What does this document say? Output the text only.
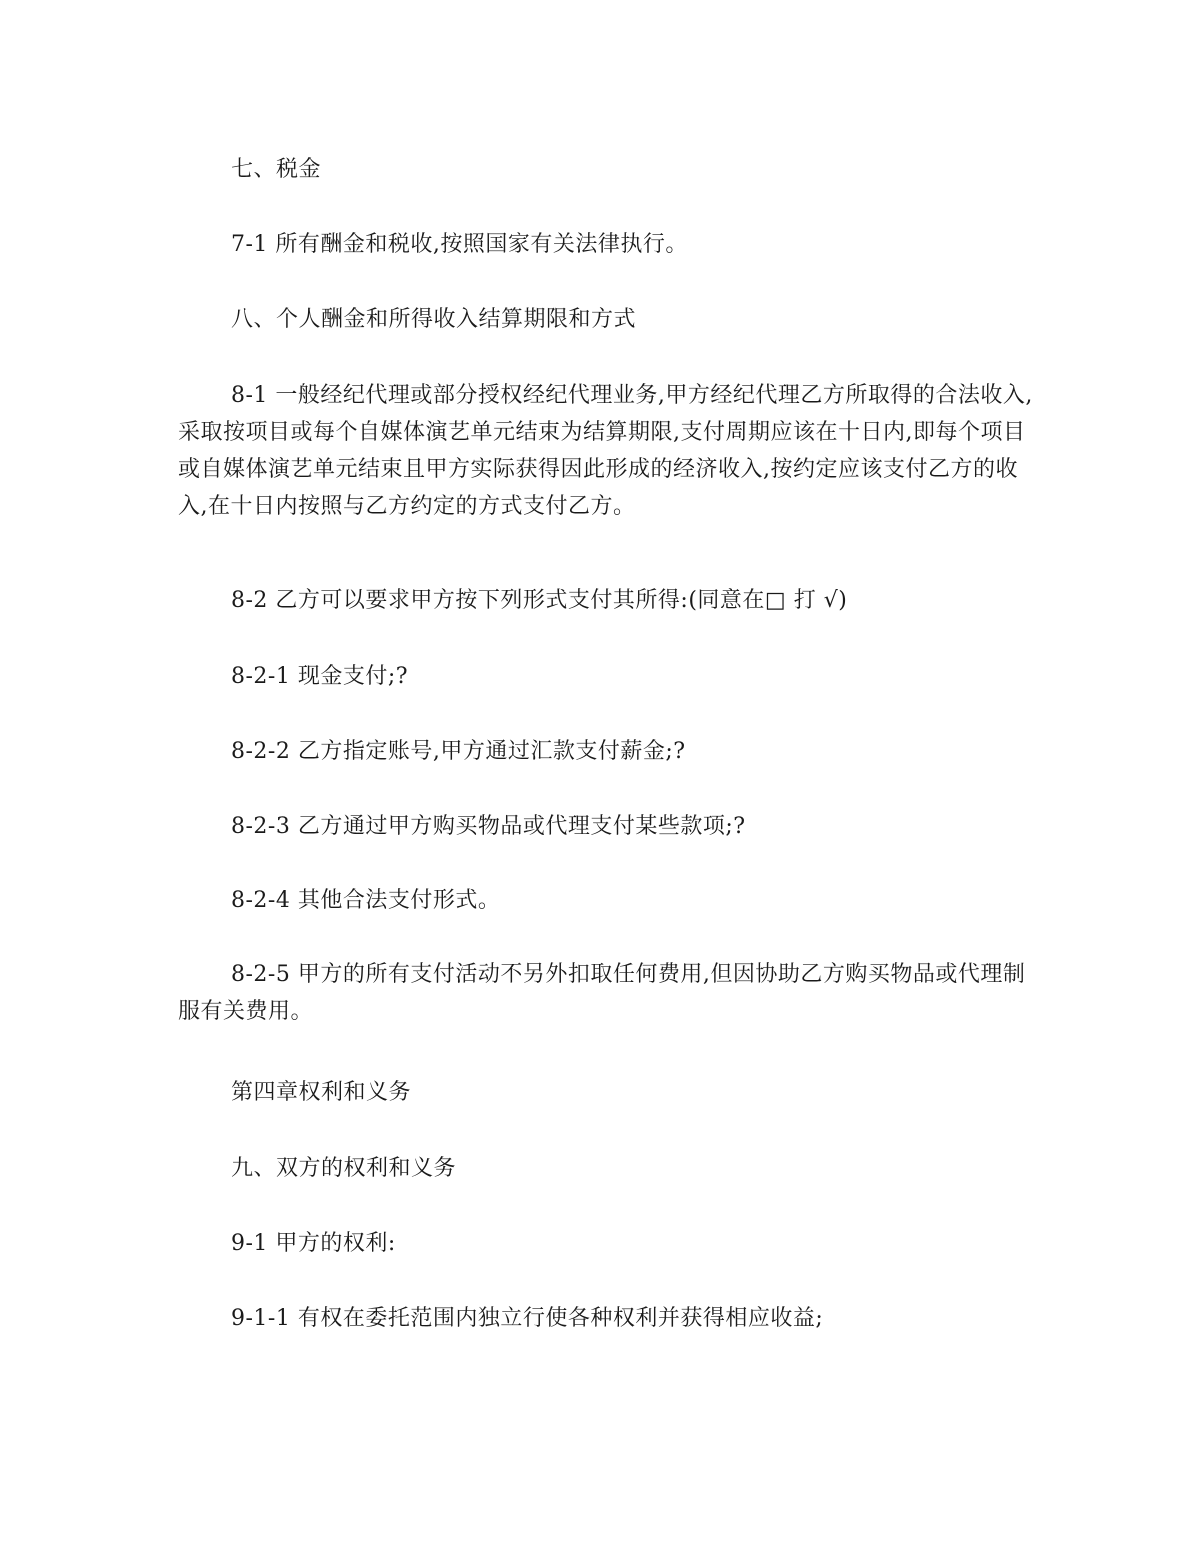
七、税金

7-1 所有酬金和税收,按照国家有关法律执行。

八、个人酬金和所得收入结算期限和方式

8-1 一般经纪代理或部分授权经纪代理业务,甲方经纪代理乙方所取得的合法收入,采取按项目或每个自媒体演艺单元结束为结算期限,支付周期应该在十日内,即每个项目或自媒体演艺单元结束且甲方实际获得因此形成的经济收入,按约定应该支付乙方的收入,在十日内按照与乙方约定的方式支付乙方。

8-2 乙方可以要求甲方按下列形式支付其所得:(同意在□ 打 √)

8-2-1 现金支付;?

8-2-2 乙方指定账号,甲方通过汇款支付薪金;?

8-2-3 乙方通过甲方购买物品或代理支付某些款项;?

8-2-4 其他合法支付形式。

8-2-5 甲方的所有支付活动不另外扣取任何费用,但因协助乙方购买物品或代理制服有关费用。

第四章权利和义务

九、双方的权利和义务

9-1 甲方的权利:

9-1-1 有权在委托范围内独立行使各种权利并获得相应收益;
